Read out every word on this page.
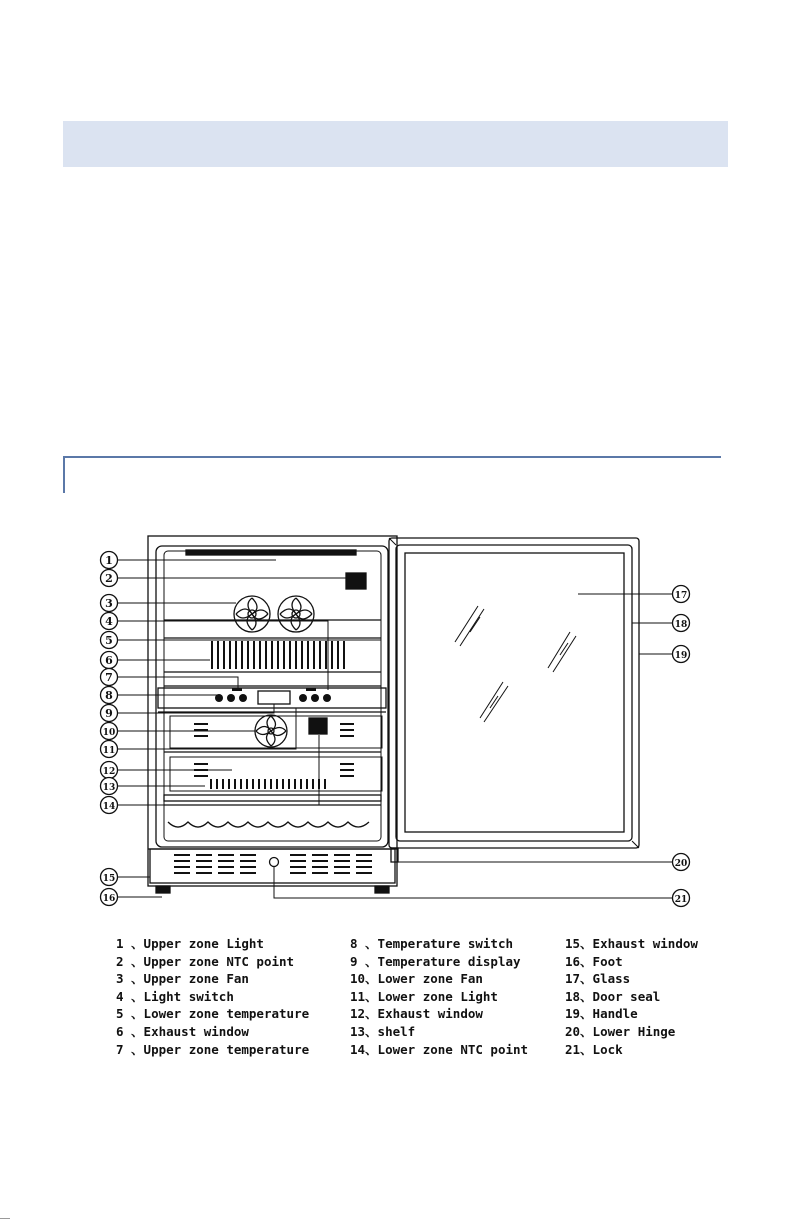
1
2
3
4
5
6
7
8
9
10
11
12
13
14
15
16
17
18
19
20
21
1 、Upper zone Light
2 、Upper zone NTC point
3 、Upper zone Fan
4 、Light switch
5 、Lower zone temperature
6 、Exhaust window
7 、Upper zone temperature
8 、Temperature switch
9 、Temperature display
10、Lower zone Fan
11、Lower zone Light
12、Exhaust window
13、shelf
14、Lower zone NTC point
15、Exhaust window
16、Foot
17、Glass
18、Door seal
19、Handle
20、Lower Hinge
21、Lock
